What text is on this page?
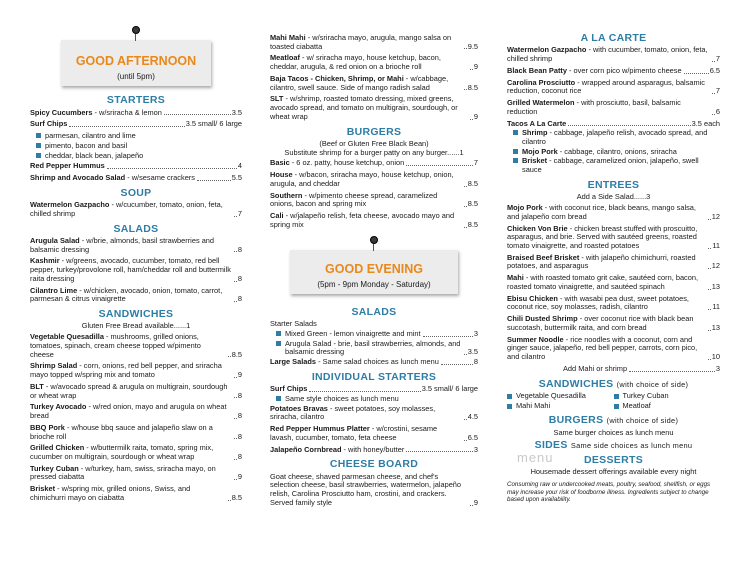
GOOD AFTERNOON
(until 5pm)
STARTERS
Spicy Cucumbers - w/sriracha & lemon	3.5
Surf Chips	3.5 small/ 6 large
parmesan, cilantro and lime
pimento, bacon and basil
cheddar, black bean, jalapeño
Red Pepper Hummus	4
Shrimp and Avocado Salad - w/sesame crackers	5.5
SOUP
Watermelon Gazpacho - w/cucumber, tomato, onion, feta, chilled shrimp	7
SALADS
Arugula Salad - w/brie, almonds, basil strawberries and balsamic dressing	8
Kashmir - w/greens, avocado, cucumber, tomato, red bell pepper, turkey/provolone roll, ham/cheddar roll and buttermilk raita dressing	8
Cilantro Lime - w/chicken, avocado, onion, tomato, carrot, parmesan & citrus vinaigrette	8
SANDWICHES
Gluten Free Bread available......1
Vegetable Quesadilla - mushrooms, grilled onions, tomatoes, spinach, cream cheese topped w/pimento cheese	8.5
Shrimp Salad - corn, onions, red bell pepper, and sriracha mayo topped w/spring mix and tomato	9
BLT - w/avocado spread & arugula on multigrain, sourdough or wheat wrap	8
Turkey Avocado - w/red onion, mayo and arugula on wheat bread	8
BBQ Pork - w/house bbq sauce and jalapeño slaw on a brioche roll	8
Grilled Chicken - w/buttermilk raita, tomato, spring mix, cucumber on multigrain, sourdough or wheat wrap	8
Turkey Cuban - w/turkey, ham, swiss, sriracha mayo, on pressed ciabatta	9
Brisket - w/spring mix, grilled onions, Swiss, and chimichurri mayo on ciabatta	8.5
Mahi Mahi - w/sriracha mayo, arugula, mango salsa on toasted ciabatta	9.5
Meatloaf - w/ sriracha mayo, house ketchup, bacon, cheddar, arugula, & red onion on a brioche roll	9
Baja Tacos - Chicken, Shrimp, or Mahi - w/cabbage, cilantro, swell sauce. Side of mango radish salad	8.5
SLT - w/shrimp, roasted tomato dressing, mixed greens, avocado spread, and tomato on multigrain, sourdough, or wheat wrap	9
BURGERS
(Beef or Gluten Free Black Bean)
Substitute shrimp for a burger patty on any burger......1
Basic - 6 oz. patty, house ketchup, onion	7
House - w/bacon, sriracha mayo, house ketchup, onion, arugula, and cheddar	8.5
Southern - w/pimento cheese spread, caramelized onions, bacon and spring mix	8.5
Cali - w/jalapeño relish, feta cheese, avocado mayo and spring mix	8.5
GOOD EVENING
(5pm - 9pm Monday - Saturday)
SALADS
Starter Salads
Mixed Green - lemon vinaigrette and mint	3
Arugula Salad - brie, basil strawberries, almonds, and balsamic dressing	3.5
Large Salads - Same salad choices as lunch menu	8
INDIVIDUAL STARTERS
Surf Chips	3.5 small/ 6 large
Same style choices as lunch menu
Potatoes Bravas - sweet potatoes, soy molasses, sriracha, cilantro	4.5
Red Pepper Hummus Platter - w/crostini, sesame lavash, cucumber, tomato, feta cheese	6.5
Jalapeño Cornbread - with honey/butter	3
CHEESE BOARD
Goat cheese, shaved parmesan cheese, and chef's selection cheese, basil strawberries, watermelon, jalapeño relish, Carolina Prosciutto ham, crostini, and crackers. Served family style	9
A LA CARTE
Watermelon Gazpacho - with cucumber, tomato, onion, feta, chilled shrimp	7
Black Bean Patty - over corn pico w/pimento cheese	6.5
Carolina Prosciutto - wrapped around asparagus, balsamic reduction, coconut rice	7
Grilled Watermelon - with prosciutto, basil, balsamic reduction	6
Tacos A La Carte	3.5 each
Shrimp - cabbage, jalapeño relish, avocado spread, and cilantro
Mojo Pork - cabbage, cilantro, onions, sriracha
Brisket - cabbage, caramelized onion, jalapeño, swell sauce
ENTREES
Add a Side Salad......3
Mojo Pork - with coconut rice, black beans, mango salsa, and jalapeño corn bread	12
Chicken Von Brie - chicken breast stuffed with proscuitto, asparagus, and brie. Served with sautéed greens, roasted tomato vinaigrette, and roasted potatoes	11
Braised Beef Brisket - with jalapeño chimichurri, roasted potatoes, and asparagus	12
Mahi - with roasted tomato grit cake, sautéed corn, bacon, roasted tomato vinaigrette, and sautéed spinach	13
Ebisu Chicken - with wasabi pea dust, sweet potatoes, coconut rice, soy molasses, radish, cilantro	11
Chili Dusted Shrimp - over coconut rice with black bean succotash, buttermilk raita, and corn bread	13
Summer Noodle - rice noodles with a coconut, corn and ginger sauce, jalapeño, red bell pepper, carrots, corn pico, and cilantro	10
Add Mahi or shrimp	3
SANDWICHES (with choice of side)
Vegetable Quesadilla	Turkey Cuban
Mahi Mahi	Meatloaf
BURGERS (with choice of side)
Same burger choices as lunch menu
SIDES Same side choices as lunch menu
menu	DESSERTS
Housemade dessert offerings available every night
Consuming raw or undercooked meats, poultry, seafood, shellfish, or eggs may increase your risk of foodborne illness. Ingredients subject to change based upon availability.
